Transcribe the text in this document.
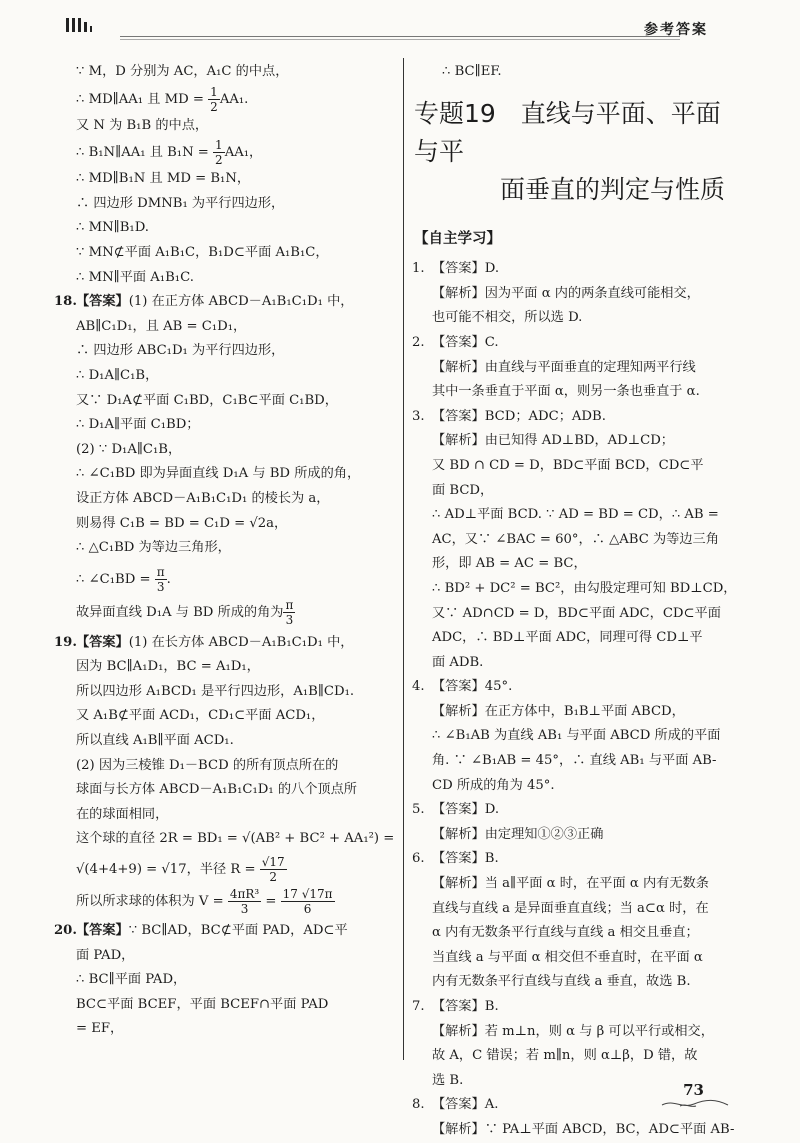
参考答案
∵ M，D 分别为 AC，A₁C 的中点，
∴ MD∥AA₁ 且 MD = $\frac{1}{2} AA_1$.
又 N 为 B₁B 的中点，
∴ B₁N∥AA₁ 且 $B_1N = \frac{1}{2} AA_1$，
∴ MD∥B₁N 且 MD = B₁N，
∴ 四边形 DMNB₁ 为平行四边形，
∴ MN∥B₁D.
∵ MN⊄平面 A₁B₁C，B₁D⊂平面 A₁B₁C，
∴ MN∥平面 A₁B₁C.
18. 【答案】(1) 在正方体 ABCD－A₁B₁C₁D₁ 中，
AB∥C₁D₁，且 AB = C₁D₁，
∴ 四边形 ABC₁D₁ 为平行四边形，
∴ D₁A∥C₁B，
又∵ D₁A⊄平面 C₁BD，C₁B⊂平面 C₁BD，
∴ D₁A∥平面 C₁BD；
(2) ∵ D₁A∥C₁B，
∴ ∠C₁BD 即为异面直线 D₁A 与 BD 所成的角，
设正方体 ABCD－A₁B₁C₁D₁ 的棱长为 a，
则易得 C₁B = BD = C₁D = √2a，
∴ △C₁BD 为等边三角形，
∴ ∠C₁BD = $\frac{\pi}{3}$ .
故异面直线 D₁A 与 BD 所成的角为 $\frac{\pi}{3}$
19. 【答案】(1) 在长方体 ABCD－A₁B₁C₁D₁ 中，
因为 BC∥A₁D₁，BC = A₁D₁，
所以四边形 A₁BCD₁ 是平行四边形，A₁B∥CD₁.
又 A₁B⊄平面 ACD₁，CD₁⊂平面 ACD₁，
所以直线 A₁B∥平面 ACD₁.
(2) 因为三棱锥 D₁－BCD 的所有顶点所在的
球面与长方体 ABCD－A₁B₁C₁D₁ 的八个顶点所
在的球面相同，
这个球的直径 2R = BD₁ = √(AB² + BC² + AA₁²) =
√(4+4+9) = √17，半径 $R = \frac{√17}{2}$
所以所求球的体积为 $V = \frac{\text{4πR³}}{3} = \frac{17 √17\pi}{6}$
20. 【答案】∵ BC∥AD，BC⊄平面 PAD，AD⊂平
面 PAD，
∴ BC∥平面 PAD，
BC⊂平面 BCEF，平面 BCEF∩平面 PAD
= EF，
∴ BC∥EF.
专题19　直线与平面、平面与平
面垂直的判定与性质
【自主学习】
1. 【答案】D.
【解析】因为平面 α 内的两条直线可能相交，
也可能不相交，所以选 D.
2. 【答案】C.
【解析】由直线与平面垂直的定理知两平行线
其中一条垂直于平面 α，则另一条也垂直于 α.
3. 【答案】BCD；ADC；ADB.
【解析】由已知得 AD⊥BD，AD⊥CD；
又 BD ∩ CD = D，BD⊂平面 BCD，CD⊂平
面 BCD，
∴ AD⊥平面 BCD. ∵ AD = BD = CD，∴ AB =
AC，又∵ ∠BAC = 60°，∴ △ABC 为等边三角
形，即 AB = AC = BC，
∴ BD² + DC² = BC²，由勾股定理可知 BD⊥CD，
又∵ AD∩CD = D，BD⊂平面 ADC，CD⊂平面
ADC，∴ BD⊥平面 ADC，同理可得 CD⊥平
面 ADB.
4. 【答案】45°.
【解析】在正方体中，B₁B⊥平面 ABCD，
∴ ∠B₁AB 为直线 AB₁ 与平面 ABCD 所成的平面
角. ∵ ∠B₁AB = 45°，∴ 直线 AB₁ 与平面 AB-
CD 所成的角为 45°.
5. 【答案】D.
【解析】由定理知①②③正确
6. 【答案】B.
【解析】当 a∥平面 α 时，在平面 α 内有无数条
直线与直线 a 是异面垂直直线；当 a⊂α 时，在
α 内有无数条平行直线与直线 a 相交且垂直；
当直线 a 与平面 α 相交但不垂直时，在平面 α
内有无数条平行直线与直线 a 垂直，故选 B.
7. 【答案】B.
【解析】若 m⊥n，则 α 与 β 可以平行或相交，
故 A，C 错误；若 m∥n，则 α⊥β，D 错，故
选 B.
8. 【答案】A.
【解析】∵ PA⊥平面 ABCD，BC，AD⊂平面 AB-
73
